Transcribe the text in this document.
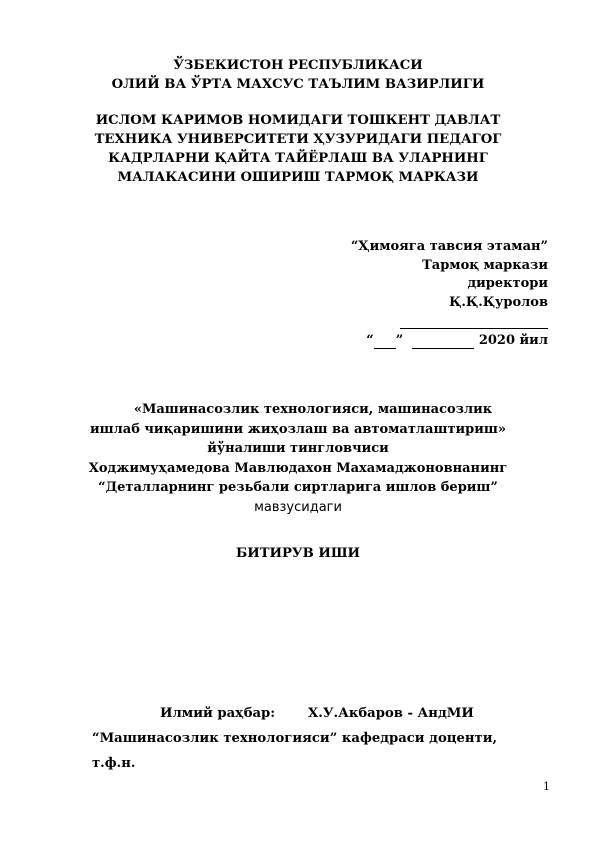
ЎЗБЕКИСТОН РЕСПУБЛИКАСИ
ОЛИЙ ВА ЎРТА МАХСУС ТАЪЛИМ ВАЗИРЛИГИ
ИСЛОМ КАРИМОВ НОМИДАГИ ТОШКЕНТ ДАВЛАТ
ТЕХНИКА УНИВЕРСИТЕТИ ҲУЗУРИДАГИ ПЕДАГОГ
КАДРЛАРНИ ҚАЙТА ТАЙЁРЛАШ ВА УЛАРНИНГ
МАЛАКАСИНИ ОШИРИШ ТАРМОҚ МАРКАЗИ
“Ҳимояга тавсия этаман”
Тармоқ маркази
директори
Қ.Қ.Қуролов
“ ”	2020 йил
«Машинасозлик технологияси, машинасозлик
ишлаб чиқаришини жиҳозлаш ва автоматлаштириш»
йўналиши тингловчиси
Ходжимуҳамедова Мавлюдахон Махамаджоновнанинг
“Деталларнинг резьбали сиртларига ишлов бериш”
мавзусидаги
БИТИРУВ ИШИ
Илмий раҳбар: Х.У.Акбаров - АндМИ
“Машинасозлик технологияси” кафедраси доценти,
т.ф.н.
1
